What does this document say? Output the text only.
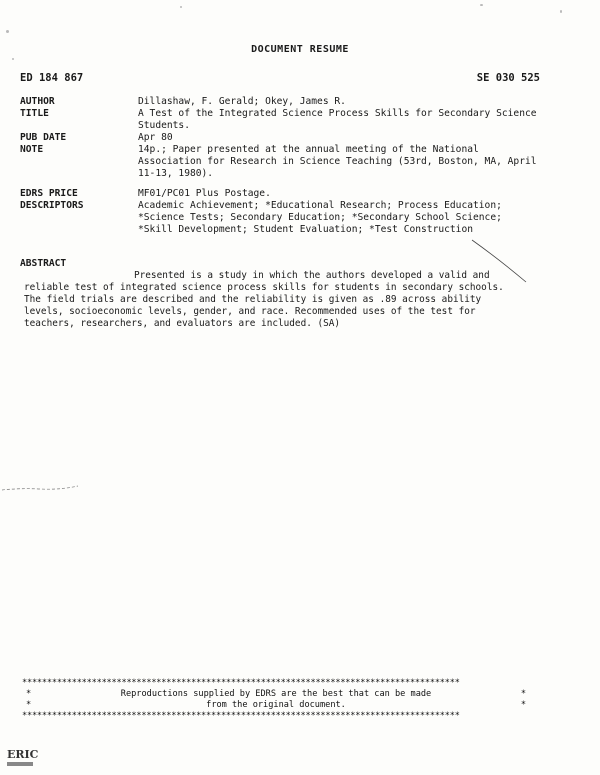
DOCUMENT RESUME
ED 184 867	SE 030 525
AUTHOR	Dillashaw, F. Gerald; Okey, James R.
TITLE	A Test of the Integrated Science Process Skills for Secondary Science Students.
PUB DATE	Apr 80
NOTE	14p.; Paper presented at the annual meeting of the National Association for Research in Science Teaching (53rd, Boston, MA, April 11-13, 1980).
EDRS PRICE	MF01/PC01 Plus Postage.
DESCRIPTORS	Academic Achievement; *Educational Research; Process Education; *Science Tests; Secondary Education; *Secondary School Science; *Skill Development; Student Evaluation; *Test Construction
ABSTRACT
Presented is a study in which the authors developed a valid and reliable test of integrated science process skills for students in secondary schools. The field trials are described and the reliability is given as .89 across ability levels, socioeconomic levels, gender, and race. Recommended uses of the test for teachers, researchers, and evaluators are included. (SA)
****************************************************************************************
*	Reproductions supplied by EDRS are the best that can be made	*
*	from the original document.	*
****************************************************************************************
ERIC
